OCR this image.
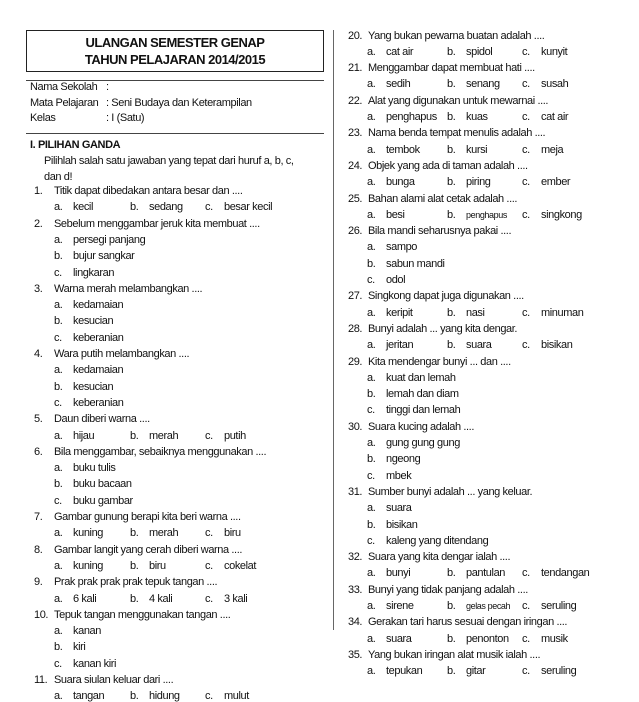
ULANGAN SEMESTER GENAP
TAHUN PELAJARAN 2014/2015
Nama Sekolah :
Mata Pelajaran : Seni Budaya dan Keterampilan
Kelas	: I (Satu)
I. PILIHAN GANDA
Pilihlah salah satu jawaban yang tepat dari huruf a, b, c,
dan d!
1. Titik dapat dibedakan antara besar dan ....
a. kecil	b. sedang c. besar kecil
2. Sebelum menggambar jeruk kita membuat ....
a. persegi panjang
b. bujur sangkar
c. lingkaran
3. Warna merah melambangkan ....
a. kedamaian
b. kesucian
c. keberanian
4. Wara putih melambangkan ....
a. kedamaian
b. kesucian
c. keberanian
5. Daun diberi warna ....
a. hijau	b. merah c. putih
6. Bila menggambar, sebaiknya menggunakan ....
a. buku tulis
b. buku bacaan
c. buku gambar
7. Gambar gunung berapi kita beri warna ....
a. kuning b. merah c. biru
8. Gambar langit yang cerah diberi warna ....
a. kuning b. biru	c. cokelat
9. Prak prak prak prak tepuk tangan ....
a. 6 kali	b. 4 kali	c. 3 kali
10. Tepuk tangan menggunakan tangan ....
a. kanan
b. kiri
c. kanan kiri
11. Suara siulan keluar dari ....
a. tangan b. hidung c. mulut
20. Yang bukan pewarna buatan adalah ....
a. cat air	b. spidol	c. kunyit
21. Menggambar dapat membuat hati ....
a. sedih	b. senang c. susah
22. Alat yang digunakan untuk mewarnai ....
a. penghapus b. kuas	c. cat air
23. Nama benda tempat menulis adalah ....
a. tembok b. kursi	c. meja
24. Objek yang ada di taman adalah ....
a. bunga	b. piring	c. ember
25. Bahan alami alat cetak adalah ....
a. besi	b. penghapus c. singkong
26. Bila mandi seharusnya pakai ....
a. sampo
b. sabun mandi
c. odol
27. Singkong dapat juga digunakan ....
a. keripit	b. nasi	c. minuman
28. Bunyi adalah ... yang kita dengar.
a. jeritan	b. suara	c. bisikan
29. Kita mendengar bunyi ... dan ....
a. kuat dan lemah
b. lemah dan diam
c. tinggi dan lemah
30. Suara kucing adalah ....
a. gung gung gung
b. ngeong
c. mbek
31. Sumber bunyi adalah ... yang keluar.
a. suara
b. bisikan
c. kaleng yang ditendang
32. Suara yang kita dengar ialah ....
a. bunyi	b. pantulan c. tendangan
33. Bunyi yang tidak panjang adalah ....
a. sirene	b. gelas pecah c. seruling
34. Gerakan tari harus sesuai dengan iringan ....
a. suara	b. penonton c. musik
35. Yang bukan iringan alat musik ialah ....
a. tepukan b. gitar	c. seruling
